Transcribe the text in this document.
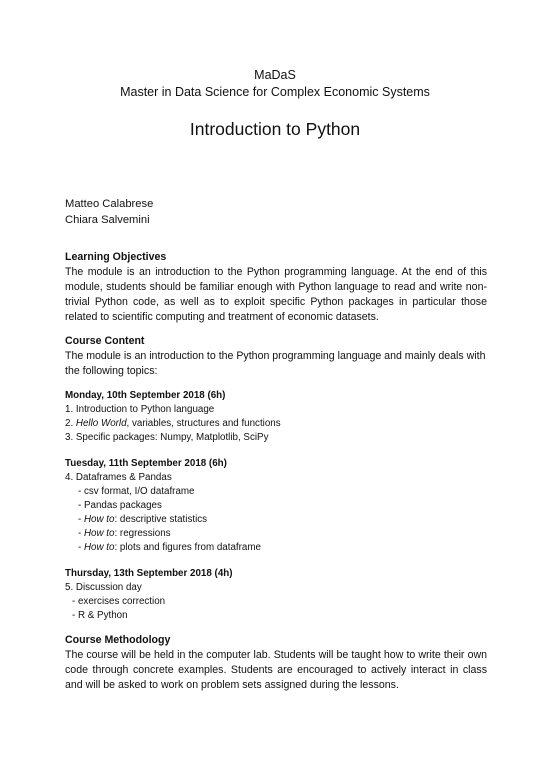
MaDaS
Master in Data Science for Complex Economic Systems
Introduction to Python
Matteo Calabrese
Chiara Salvemini
Learning Objectives
The module is an introduction to the Python programming language. At the end of this module, students should be familiar enough with Python language to read and write non-trivial Python code, as well as to exploit specific Python packages in particular those related to scientific computing and treatment of economic datasets.
Course Content
The module is an introduction to the Python programming language and mainly deals with
the following topics:
Monday, 10th September 2018 (6h)
1. Introduction to Python language
2. Hello World, variables, structures and functions
3. Specific packages: Numpy, Matplotlib, SciPy
Tuesday, 11th September 2018 (6h)
4. Dataframes & Pandas
- csv format, I/O dataframe
- Pandas packages
- How to: descriptive statistics
- How to: regressions
- How to: plots and figures from dataframe
Thursday, 13th September 2018 (4h)
5. Discussion day
- exercises correction
- R & Python
Course Methodology
The course will be held in the computer lab. Students will be taught how to write their own code through concrete examples. Students are encouraged to actively interact in class and will be asked to work on problem sets assigned during the lessons.
